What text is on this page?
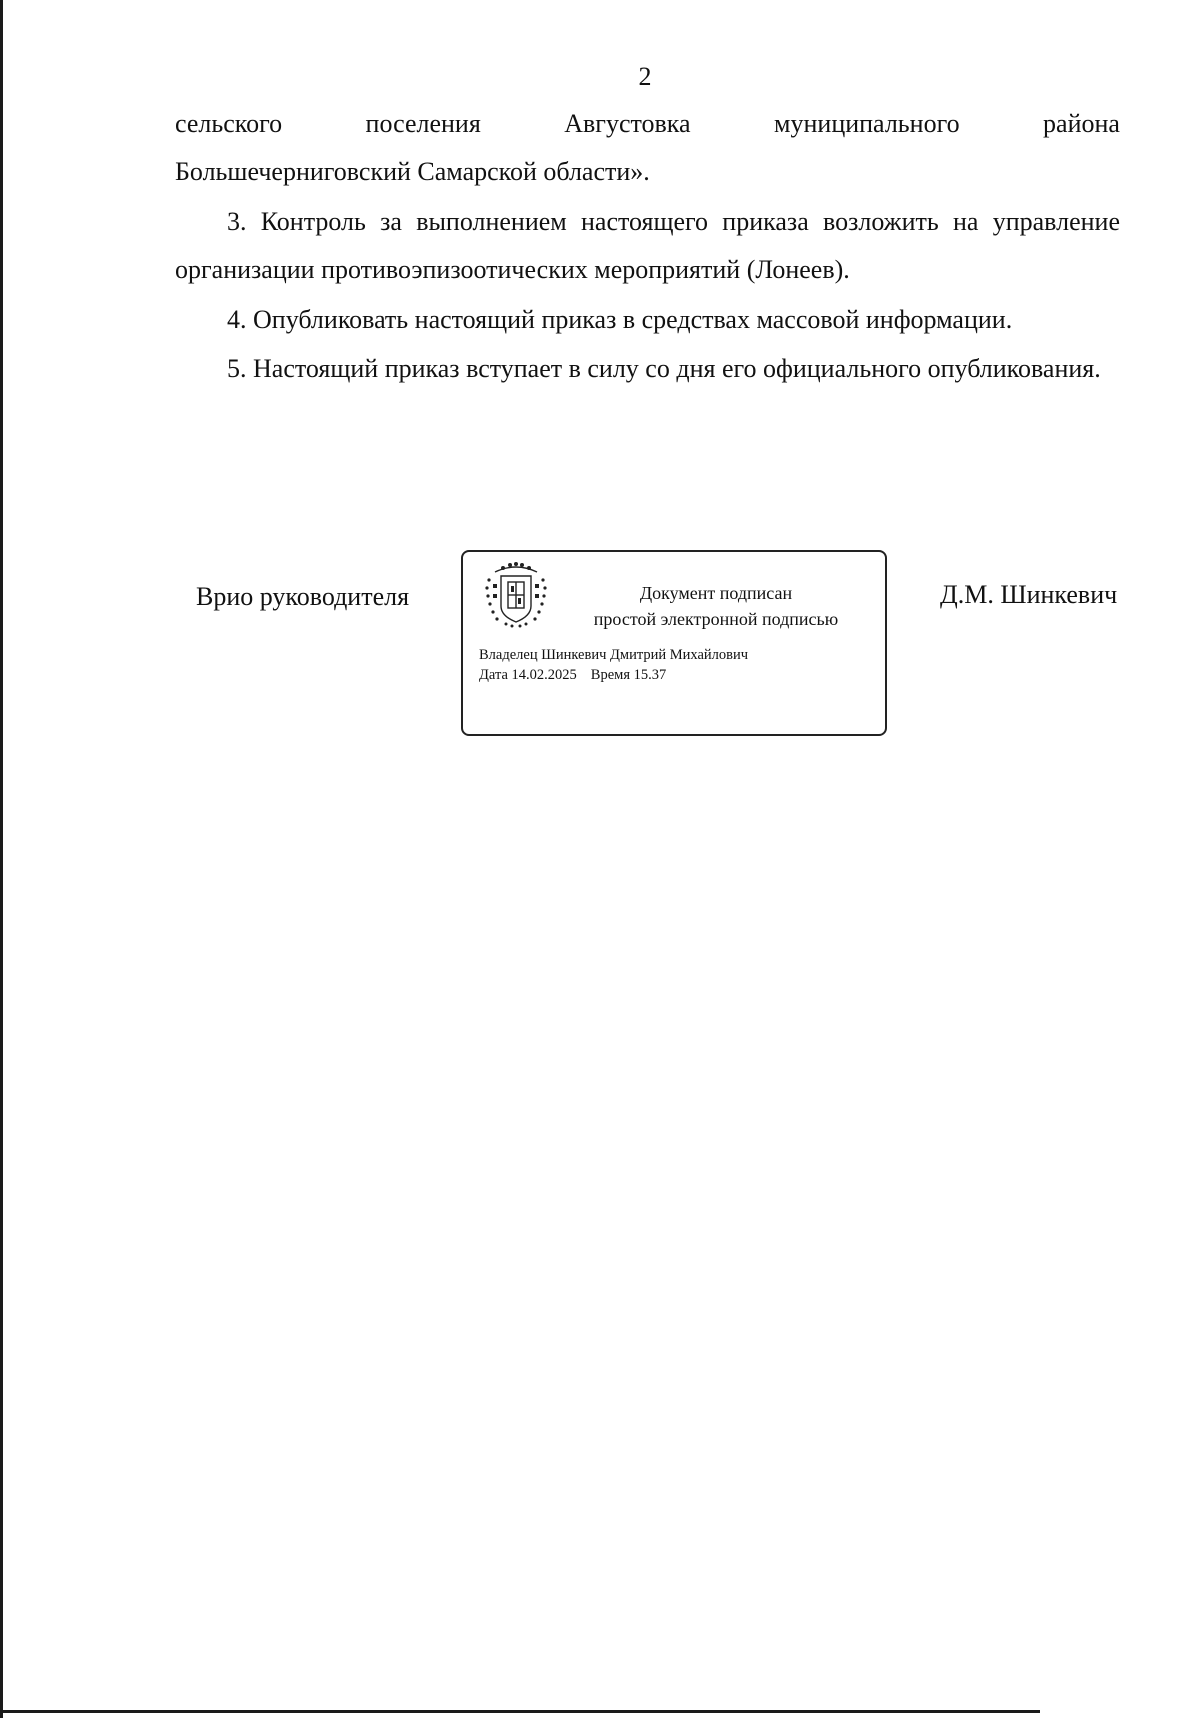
2
сельского	поселения	Августовка	муниципального	района
Большечерниговский Самарской области».

3. Контроль за выполнением настоящего приказа возложить на управление организации противоэпизоотических мероприятий (Лонеев).

4. Опубликовать настоящий приказ в средствах массовой информации.

5. Настоящий приказ вступает в силу со дня его официального опубликования.

Врио руководителя	Документ подписан
простой электронной подписью
Владелец Шинкевич Дмитрий Михайлович
Дата 14.02.2025 Время 15.37
Д.М. Шинкевич
